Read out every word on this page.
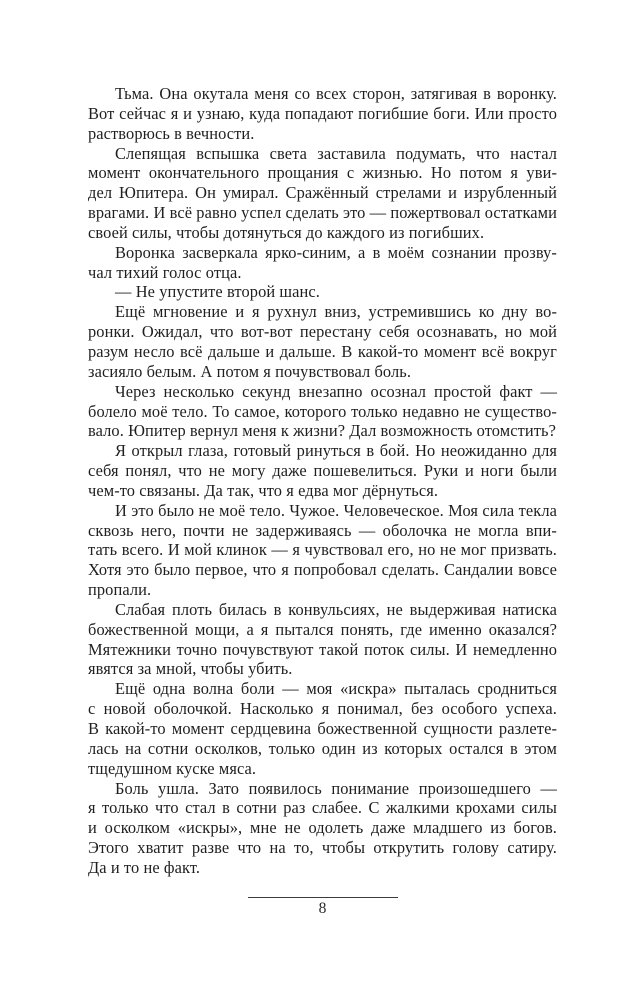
Тьма. Она окутала меня со всех сторон, затягивая в воронку.
Вот сейчас я и узнаю, куда попадают погибшие боги. Или просто
растворюсь в вечности.
Слепящая вспышка света заставила подумать, что настал
момент окончательного прощания с жизнью. Но потом я уви-
дел Юпитера. Он умирал. Сражённый стрелами и изрубленный
врагами. И всё равно успел сделать это — пожертвовал остатками
своей силы, чтобы дотянуться до каждого из погибших.
Воронка засверкала ярко-синим, а в моём сознании прозву-
чал тихий голос отца.
— Не упустите второй шанс.
Ещё мгновение и я рухнул вниз, устремившись ко дну во-
ронки. Ожидал, что вот-вот перестану себя осознавать, но мой
разум несло всё дальше и дальше. В какой-то момент всё вокруг
засияло белым. А потом я почувствовал боль.
Через несколько секунд внезапно осознал простой факт —
болело моё тело. То самое, которого только недавно не существо-
вало. Юпитер вернул меня к жизни? Дал возможность отомстить?
Я открыл глаза, готовый ринуться в бой. Но неожиданно для
себя понял, что не могу даже пошевелиться. Руки и ноги были
чем-то связаны. Да так, что я едва мог дёрнуться.
И это было не моё тело. Чужое. Человеческое. Моя сила текла
сквозь него, почти не задерживаясь — оболочка не могла впи-
тать всего. И мой клинок — я чувствовал его, но не мог призвать.
Хотя это было первое, что я попробовал сделать. Сандалии вовсе
пропали.
Слабая плоть билась в конвульсиях, не выдерживая натиска
божественной мощи, а я пытался понять, где именно оказался?
Мятежники точно почувствуют такой поток силы. И немедленно
явятся за мной, чтобы убить.
Ещё одна волна боли — моя «искра» пыталась сродниться
с новой оболочкой. Насколько я понимал, без особого успеха.
В какой-то момент сердцевина божественной сущности разлете-
лась на сотни осколков, только один из которых остался в этом
тщедушном куске мяса.
Боль ушла. Зато появилось понимание произошедшего —
я только что стал в сотни раз слабее. С жалкими крохами силы
и осколком «искры», мне не одолеть даже младшего из богов.
Этого хватит разве что на то, чтобы открутить голову сатиру.
Да и то не факт.
8
